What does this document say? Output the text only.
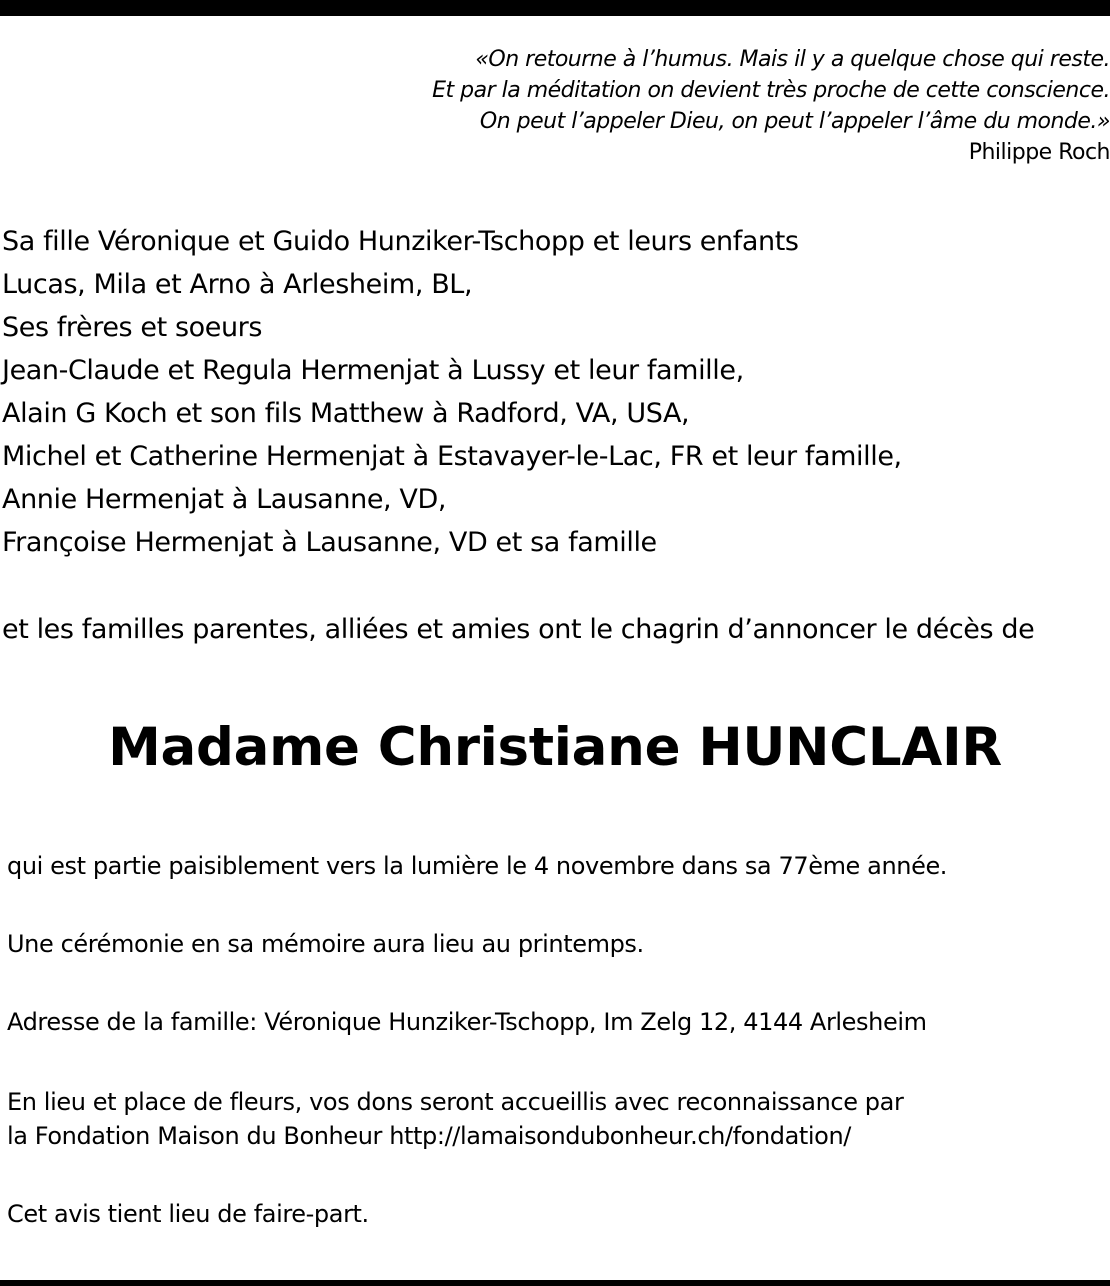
«On retourne à l’humus. Mais il y a quelque chose qui reste.
Et par la méditation on devient très proche de cette conscience.
On peut l’appeler Dieu, on peut l’appeler l’âme du monde.»
Philippe Roch
Sa fille Véronique et Guido Hunziker-Tschopp et leurs enfants
Lucas, Mila et Arno à Arlesheim, BL,
Ses frères et soeurs
Jean-Claude et Regula Hermenjat à Lussy et leur famille,
Alain G Koch et son fils Matthew à Radford, VA, USA,
Michel et Catherine Hermenjat à Estavayer-le-Lac, FR et leur famille,
Annie Hermenjat à Lausanne, VD,
Françoise Hermenjat à Lausanne, VD et sa famille
et les familles parentes, alliées et amies ont le chagrin d’annoncer le décès de
Madame Christiane HUNCLAIR
qui est partie paisiblement vers la lumière le 4 novembre dans sa 77ème année.
Une cérémonie en sa mémoire aura lieu au printemps.
Adresse de la famille: Véronique Hunziker-Tschopp, Im Zelg 12, 4144 Arlesheim
En lieu et place de fleurs, vos dons seront accueillis avec reconnaissance par
la Fondation Maison du Bonheur http://lamaisondubonheur.ch/fondation/
Cet avis tient lieu de faire-part.
